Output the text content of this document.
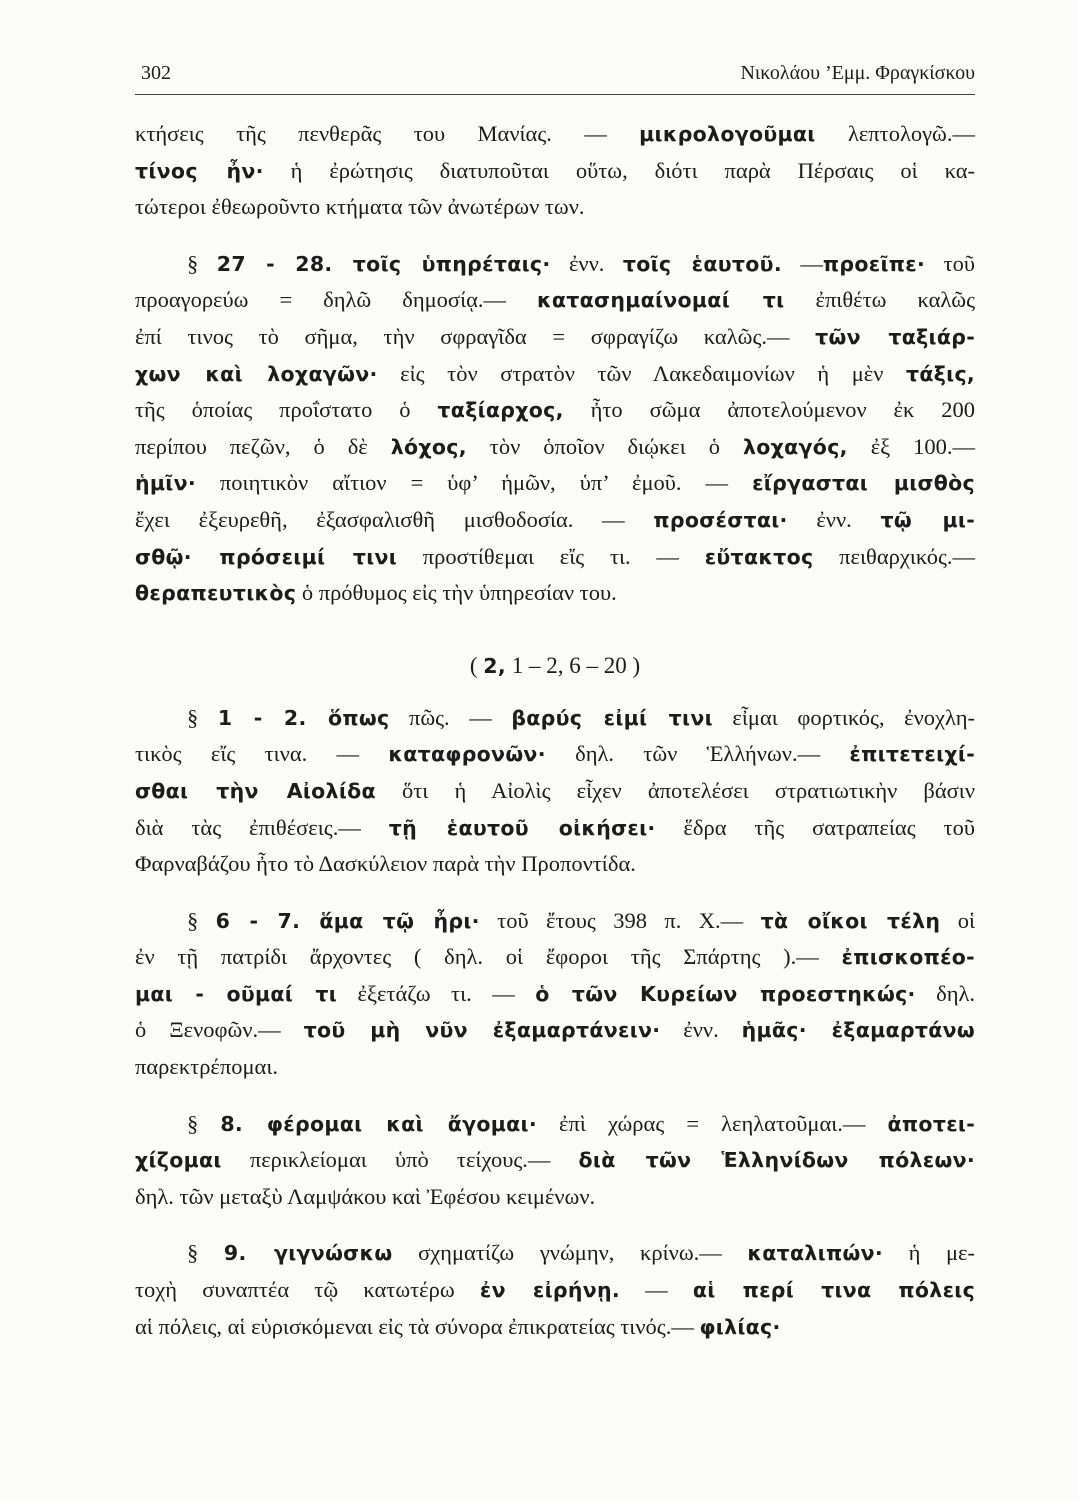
302	Νικολάου ’Εμμ. Φραγκίσκου
κτήσεις τῆς πενθερᾶς του Μανίας. — μικρολογοῦμαι λεπτολογῶ.—
τίνος ἦν· ἡ ἐρώτησις διατυποῦται οὕτω, διότι παρὰ Πέρσαις οἱ κα-
τώτεροι ἐθεωροῦντο κτήματα τῶν ἀνωτέρων των.
§ 27 - 28. τοῖς ὑπηρέταις· ἐνν. τοῖς ἑαυτοῦ. —προεῖπε· τοῦ
προαγορεύω = δηλῶ δημοσίᾳ.— κατασημαίνομαί τι ἐπιθέτω καλῶς
ἐπί τινος τὸ σῆμα, τὴν σφραγῖδα = σφραγίζω καλῶς.— τῶν ταξιάρ-
χων καὶ λοχαγῶν· εἰς τὸν στρατὸν τῶν Λακεδαιμονίων ἡ μὲν τάξις,
τῆς ὁποίας προΐστατο ὁ ταξίαρχος, ἦτο σῶμα ἀποτελούμενον ἐκ 200
περίπου πεζῶν, ὁ δὲ λόχος, τὸν ὁποῖον διῴκει ὁ λοχαγός, ἐξ 100.—
ἡμῖν· ποιητικὸν αἴτιον = ὑφ’ ἡμῶν, ὑπ’ ἐμοῦ. — εἴργασται μισθὸς
ἔχει ἐξευρεθῆ, ἐξασφαλισθῆ μισθοδοσία. — προσέσται· ἐνν. τῷ μι-
σθῷ· πρόσειμί τινι προστίθεμαι εἴς τι. — εὔτακτος πειθαρχικός.—
θεραπευτικὸς ὁ πρόθυμος εἰς τὴν ὑπηρεσίαν του.
( 2, 1 – 2, 6 – 20 )
§ 1 - 2. ὅπως πῶς. — βαρύς εἰμί τινι εἶμαι φορτικός, ἐνοχλη-
τικὸς εἴς τινα. — καταφρονῶν· δηλ. τῶν Ἑλλήνων.— ἐπιτετειχί-
σθαι τὴν Αἰολίδα ὅτι ἡ Αἰολὶς εἶχεν ἀποτελέσει στρατιωτικὴν βάσιν
διὰ τὰς ἐπιθέσεις.— τῇ ἑαυτοῦ οἰκήσει· ἕδρα τῆς σατραπείας τοῦ
Φαρναβάζου ἦτο τὸ Δασκύλειον παρὰ τὴν Προποντίδα.
§ 6 - 7. ἅμα τῷ ἦρι· τοῦ ἔτους 398 π. Χ.— τὰ οἴκοι τέλη οἱ
ἐν τῇ πατρίδι ἄρχοντες ( δηλ. οἱ ἔφοροι τῆς Σπάρτης ).— ἐπισκοπέο-
μαι - οῦμαί τι ἐξετάζω τι. — ὁ τῶν Κυρείων προεστηκώς· δηλ.
ὁ Ξενοφῶν.— τοῦ μὴ νῦν ἐξαμαρτάνειν· ἐνν. ἡμᾶς· ἐξαμαρτάνω
παρεκτρέπομαι.
§ 8. φέρομαι καὶ ἄγομαι· ἐπὶ χώρας = λεηλατοῦμαι.— ἀποτει-
χίζομαι περικλείομαι ὑπὸ τείχους.— διὰ τῶν Ἑλληνίδων πόλεων·
δηλ. τῶν μεταξὺ Λαμψάκου καὶ Ἐφέσου κειμένων.
§ 9. γιγνώσκω σχηματίζω γνώμην, κρίνω.— καταλιπών· ἡ με-
τοχὴ συναπτέα τῷ κατωτέρω ἐν εἰρήνῃ. — αἱ περί τινα πόλεις
αἱ πόλεις, αἱ εὑρισκόμεναι εἰς τὰ σύνορα ἐπικρατείας τινός.— φιλίας·
